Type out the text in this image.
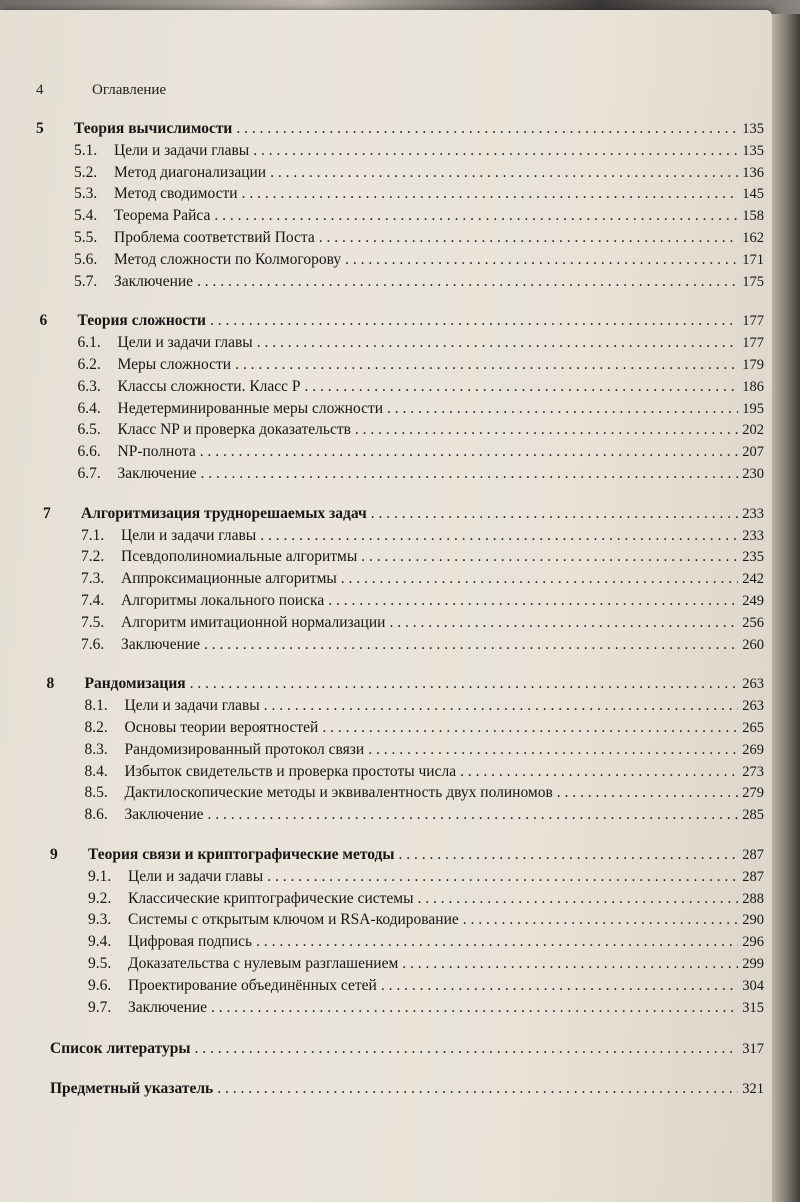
4	Оглавление
5	Теория вычислимости . . .	135
5.1.	Цели и задачи главы . . .	135
5.2.	Метод диагонализации . . .	136
5.3.	Метод сводимости . . .	145
5.4.	Теорема Райса . . .	158
5.5.	Проблема соответствий Поста . . .	162
5.6.	Метод сложности по Колмогорову . . .	171
5.7.	Заключение . . .	175
6	Теория сложности . . .	177
6.1.	Цели и задачи главы . . .	177
6.2.	Меры сложности . . .	179
6.3.	Классы сложности. Класс P . . .	186
6.4.	Недетерминированные меры сложности . . .	195
6.5.	Класс NP и проверка доказательств . . .	202
6.6.	NP-полнота . . .	207
6.7.	Заключение . . .	230
7	Алгоритмизация труднорешаемых задач . . .	233
7.1.	Цели и задачи главы . . .	233
7.2.	Псевдополиномиальные алгоритмы . . .	235
7.3.	Аппроксимационные алгоритмы . . .	242
7.4.	Алгоритмы локального поиска . . .	249
7.5.	Алгоритм имитационной нормализации . . .	256
7.6.	Заключение . . .	260
8	Рандомизация . . .	263
8.1.	Цели и задачи главы . . .	263
8.2.	Основы теории вероятностей . . .	265
8.3.	Рандомизированный протокол связи . . .	269
8.4.	Избыток свидетельств и проверка простоты числа . . .	273
8.5.	Дактилоскопические методы и эквивалентность двух полиномов . . .	279
8.6.	Заключение . . .	285
9	Теория связи и криптографические методы . . .	287
9.1.	Цели и задачи главы . . .	287
9.2.	Классические криптографические системы . . .	288
9.3.	Системы с открытым ключом и RSA-кодирование . . .	290
9.4.	Цифровая подпись . . .	296
9.5.	Доказательства с нулевым разглашением . . .	299
9.6.	Проектирование объединённых сетей . . .	304
9.7.	Заключение . . .	315
Список литературы . . .	317
Предметный указатель . . .	321
